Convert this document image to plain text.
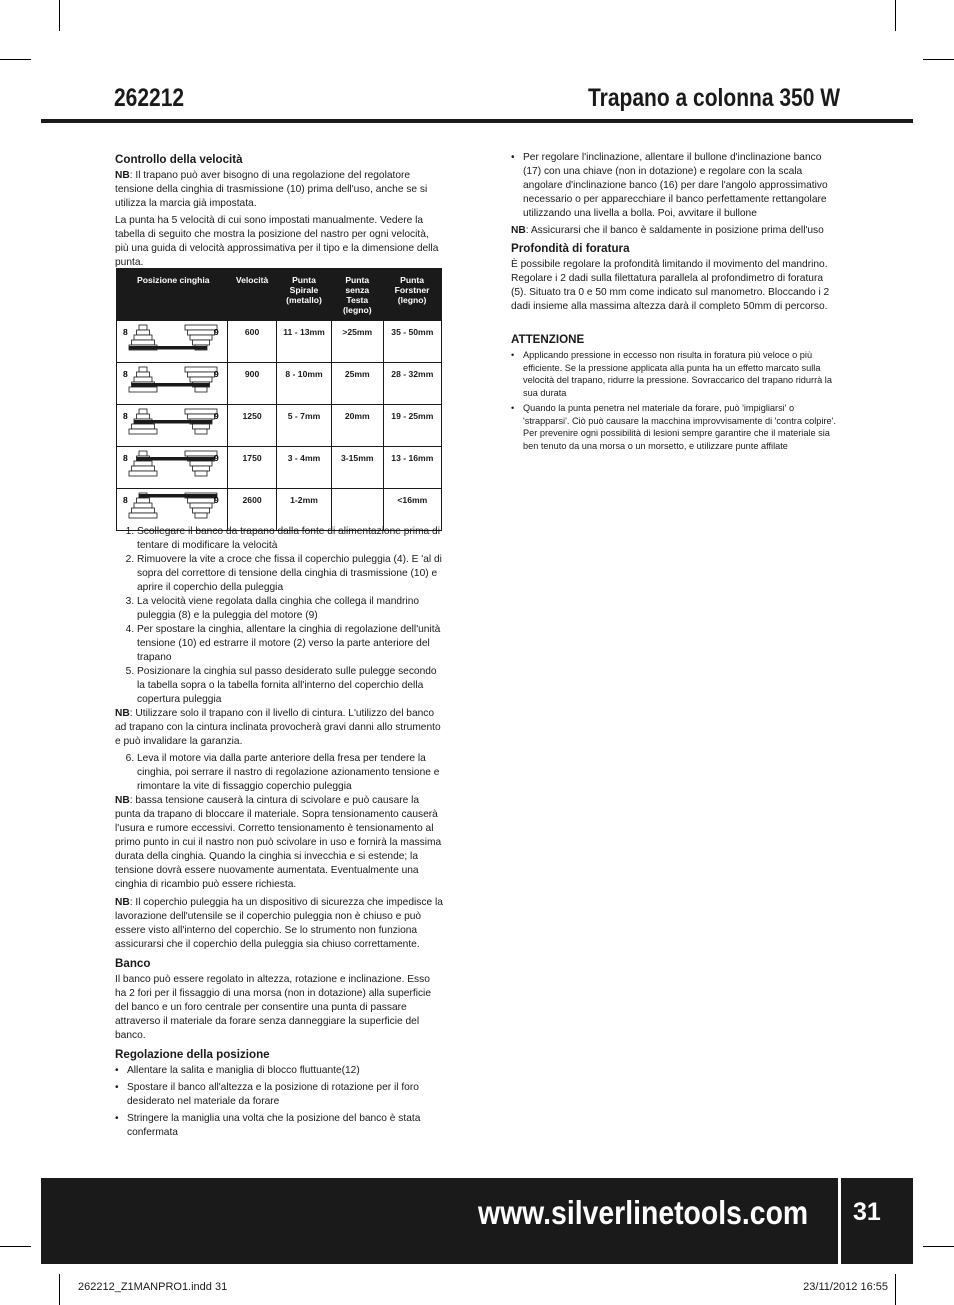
262212	Trapano a colonna 350 W
Controllo della velocità

NB: Il trapano può aver bisogno di una regolazione del regolatore tensione della cinghia di trasmissione (10) prima dell'uso, anche se si utilizza la marcia già impostata.

La punta ha 5 velocità di cui sono impostati manualmente. Vedere la tabella di seguito che mostra la posizione del nastro per ogni velocità, più una guida di velocità approssimativa per il tipo e la dimensione della punta.

Posizione cinghia	Velocità	Punta Spirale (metallo)	Punta senza Testa (legno)	Punta Forstner (legno)

8 9	600	11 - 13mm	>25mm	35 - 50mm

8 9	900	8 - 10mm	25mm	28 - 32mm

8 9	1250	5 - 7mm	20mm	19 - 25mm

8 9	1750	3 - 4mm	3-15mm	13 - 16mm

8 9	2600	1-2mm		<16mm
1. Scollegare il banco da trapano dalla fonte di alimentazione prima di tentare di modificare la velocità
2. Rimuovere la vite a croce che fissa il coperchio puleggia (4). E 'al di sopra del correttore di tensione della cinghia di trasmissione (10) e aprire il coperchio della puleggia
3. La velocità viene regolata dalla cinghia che collega il mandrino puleggia (8) e la puleggia del motore (9)
4. Per spostare la cinghia, allentare la cinghia di regolazione dell'unità tensione (10) ed estrarre il motore (2) verso la parte anteriore del trapano
5. Posizionare la cinghia sul passo desiderato sulle pulegge secondo la tabella sopra o la tabella fornita all'interno del coperchio della copertura puleggia

NB: Utilizzare solo il trapano con il livello di cintura. L'utilizzo del banco ad trapano con la cintura inclinata provocherà gravi danni allo strumento e può invalidare la garanzia.

6. Leva il motore via dalla parte anteriore della fresa per tendere la cinghia, poi serrare il nastro di regolazione azionamento tensione e rimontare la vite di fissaggio coperchio puleggia

NB: bassa tensione causerà la cintura di scivolare e può causare la punta da trapano di bloccare il materiale. Sopra tensionamento causerà l'usura e rumore eccessivi. Corretto tensionamento è tensionamento al primo punto in cui il nastro non può scivolare in uso e fornirà la massima durata della cinghia. Quando la cinghia si invecchia e si estende; la tensione dovrà essere nuovamente aumentata. Eventualmente una cinghia di ricambio può essere richiesta.

NB: Il coperchio puleggia ha un dispositivo di sicurezza che impedisce la lavorazione dell'utensile se il coperchio puleggia non è chiuso e può essere visto all'interno del coperchio. Se lo strumento non funziona assicurarsi che il coperchio della puleggia sia chiuso correttamente.

Banco

Il banco può essere regolato in altezza, rotazione e inclinazione. Esso ha 2 fori per il fissaggio di una morsa (non in dotazione) alla superficie del banco e un foro centrale per consentire una punta di passare attraverso il materiale da forare senza danneggiare la superficie del banco.

Regolazione della posizione
• Allentare la salita e maniglia di blocco fluttuante(12)
• Spostare il banco all'altezza e la posizione di rotazione per il foro desiderato nel materiale da forare
• Stringere la maniglia una volta che la posizione del banco è stata confermata
• Per regolare l'inclinazione, allentare il bullone d'inclinazione banco (17) con una chiave (non in dotazione) e regolare con la scala angolare d'inclinazione banco (16) per dare l'angolo approssimativo necessario o per apparecchiare il banco perfettamente rettangolare utilizzando una livella a bolla. Poi, avvitare il bullone

NB: Assicurarsi che il banco è saldamente in posizione prima dell'uso

Profondità di foratura

È possibile regolare la profondità limitando il movimento del mandrino. Regolare i 2 dadi sulla filettatura parallela al profondimetro di foratura (5). Situato tra 0 e 50 mm come indicato sul manometro. Bloccando i 2 dadi insieme alla massima altezza darà il completo 50mm di percorso.

ATTENZIONE
• Applicando pressione in eccesso non risulta in foratura più veloce o più efficiente. Se la pressione applicata alla punta ha un effetto marcato sulla velocità del trapano, ridurre la pressione. Sovraccarico del trapano ridurrà la sua durata
• Quando la punta penetra nel materiale da forare, può 'impigliarsi' o 'strapparsi'. Ciò può causare la macchina improvvisamente di 'contra colpire'. Per prevenire ogni possibilità di lesioni sempre garantire che il materiale sia ben tenuto da una morsa o un morsetto, e utilizzare punte affilate
www.silverlinetools.com 31
262212_Z1MANPRO1.indd 31	23/11/2012 16:55
